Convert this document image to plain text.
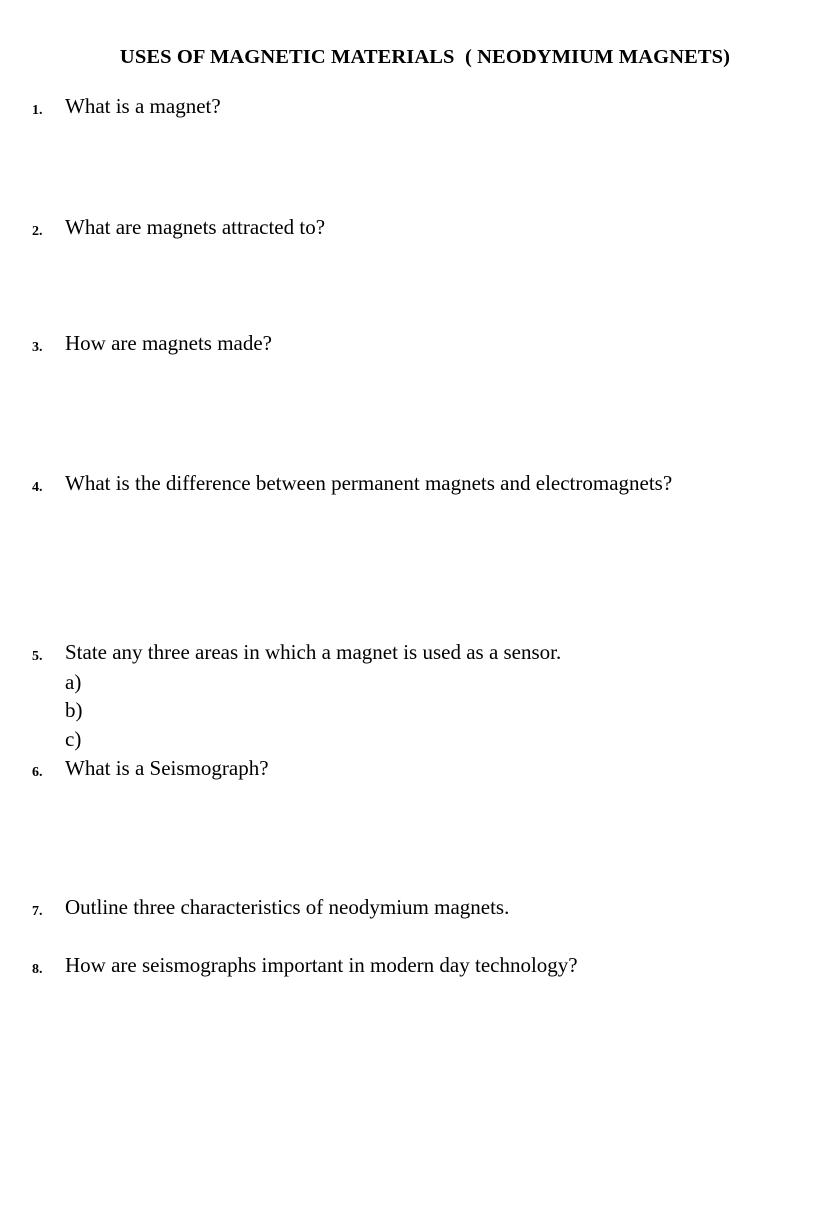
USES OF MAGNETIC MATERIALS  ( NEODYMIUM MAGNETS)
1. What is a magnet?
2. What are magnets attracted to?
3. How are magnets made?
4. What is the difference between permanent magnets and electromagnets?
5. State any three areas in which a magnet is used as a sensor.
a)
b)
c)
6. What is a Seismograph?
7. Outline three characteristics of neodymium magnets.
8. How are seismographs important in modern day technology?
